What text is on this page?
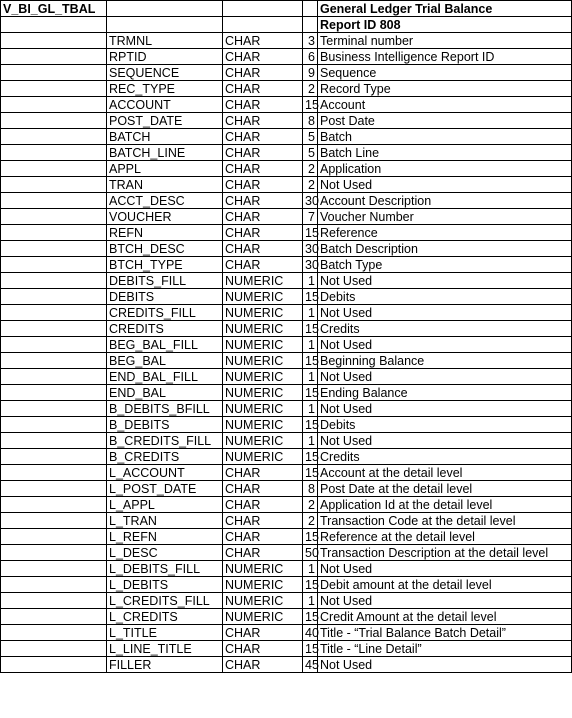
V_BI_GL_TBAL				General Ledger Trial Balance
				Report ID 808
	TRMNL	CHAR	3	Terminal number
	RPTID	CHAR	6	Business Intelligence Report ID
	SEQUENCE	CHAR	9	Sequence
	REC_TYPE	CHAR	2	Record Type
	ACCOUNT	CHAR	15	Account
	POST_DATE	CHAR	8	Post Date
	BATCH	CHAR	5	Batch
	BATCH_LINE	CHAR	5	Batch Line
	APPL	CHAR	2	Application
	TRAN	CHAR	2	Not Used
	ACCT_DESC	CHAR	30	Account Description
	VOUCHER	CHAR	7	Voucher Number
	REFN	CHAR	15	Reference
	BTCH_DESC	CHAR	30	Batch Description
	BTCH_TYPE	CHAR	30	Batch Type
	DEBITS_FILL	NUMERIC	1	Not Used
	DEBITS	NUMERIC	15	Debits
	CREDITS_FILL	NUMERIC	1	Not Used
	CREDITS	NUMERIC	15	Credits
	BEG_BAL_FILL	NUMERIC	1	Not Used
	BEG_BAL	NUMERIC	15	Beginning Balance
	END_BAL_FILL	NUMERIC	1	Not Used
	END_BAL	NUMERIC	15	Ending Balance
	B_DEBITS_BFILL	NUMERIC	1	Not Used
	B_DEBITS	NUMERIC	15	Debits
	B_CREDITS_FILL	NUMERIC	1	Not Used
	B_CREDITS	NUMERIC	15	Credits
	L_ACCOUNT	CHAR	15	Account at the detail level
	L_POST_DATE	CHAR	8	Post Date at the detail level
	L_APPL	CHAR	2	Application Id at the detail level
	L_TRAN	CHAR	2	Transaction Code at the detail level
	L_REFN	CHAR	15	Reference at the detail level
	L_DESC	CHAR	50	Transaction Description at the detail level
	L_DEBITS_FILL	NUMERIC	1	Not Used
	L_DEBITS	NUMERIC	15	Debit amount at the detail level
	L_CREDITS_FILL	NUMERIC	1	Not Used
	L_CREDITS	NUMERIC	15	Credit Amount at the detail level
	L_TITLE	CHAR	40	Title - “Trial Balance Batch Detail”
	L_LINE_TITLE	CHAR	15	Title - “Line Detail”
	FILLER	CHAR	45	Not Used
